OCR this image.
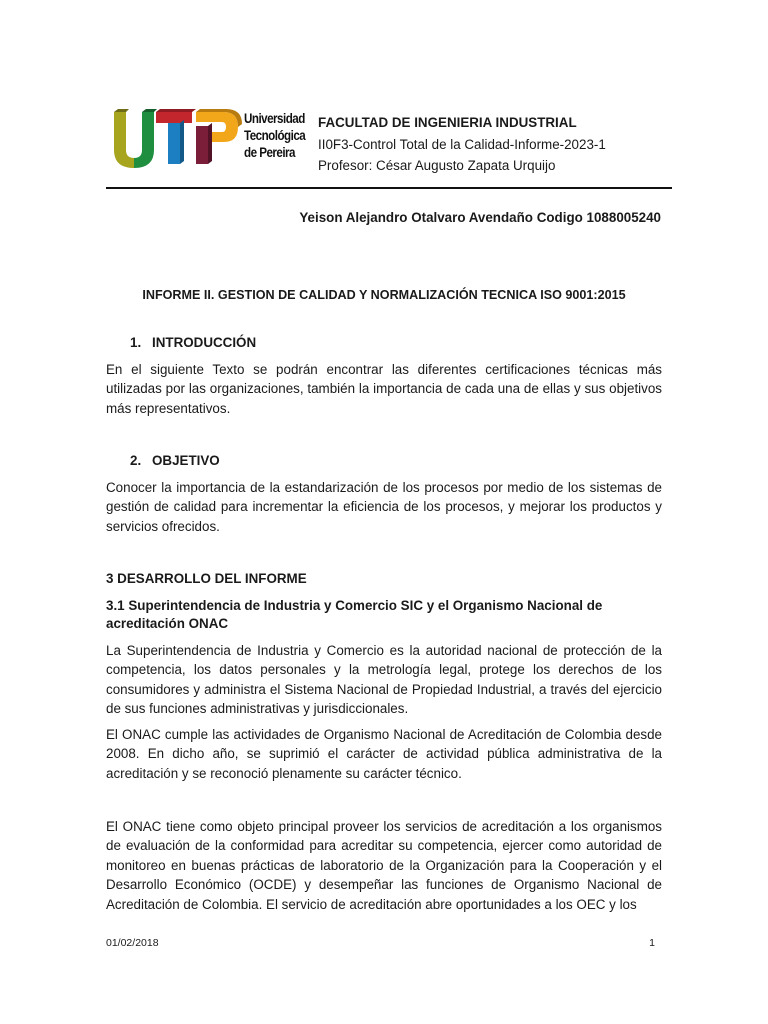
Universidad
Tecnológica
de Pereira
FACULTAD DE INGENIERIA INDUSTRIAL
II0F3-Control Total de la Calidad-Informe-2023-1
Profesor: César Augusto Zapata Urquijo
Yeison Alejandro Otalvaro Avendaño Codigo 1088005240
INFORME II. GESTION DE CALIDAD Y NORMALIZACIÓN TECNICA ISO 9001:2015
1. INTRODUCCIÓN
En el siguiente Texto se podrán encontrar las diferentes certificaciones técnicas más utilizadas por las organizaciones, también la importancia de cada una de ellas y sus objetivos más representativos.
2. OBJETIVO
Conocer la importancia de la estandarización de los procesos por medio de los sistemas de gestión de calidad para incrementar la eficiencia de los procesos, y mejorar los productos y servicios ofrecidos.
3 DESARROLLO DEL INFORME
3.1 Superintendencia de Industria y Comercio SIC y el Organismo Nacional de acreditación ONAC
La Superintendencia de Industria y Comercio es la autoridad nacional de protección de la competencia, los datos personales y la metrología legal, protege los derechos de los consumidores y administra el Sistema Nacional de Propiedad Industrial, a través del ejercicio de sus funciones administrativas y jurisdiccionales.
El ONAC cumple las actividades de Organismo Nacional de Acreditación de Colombia desde 2008. En dicho año, se suprimió el carácter de actividad pública administrativa de la acreditación y se reconoció plenamente su carácter técnico.
El ONAC tiene como objeto principal proveer los servicios de acreditación a los organismos de evaluación de la conformidad para acreditar su competencia, ejercer como autoridad de monitoreo en buenas prácticas de laboratorio de la Organización para la Cooperación y el Desarrollo Económico (OCDE) y desempeñar las funciones de Organismo Nacional de Acreditación de Colombia. El servicio de acreditación abre oportunidades a los OEC y los
01/02/2018	1
